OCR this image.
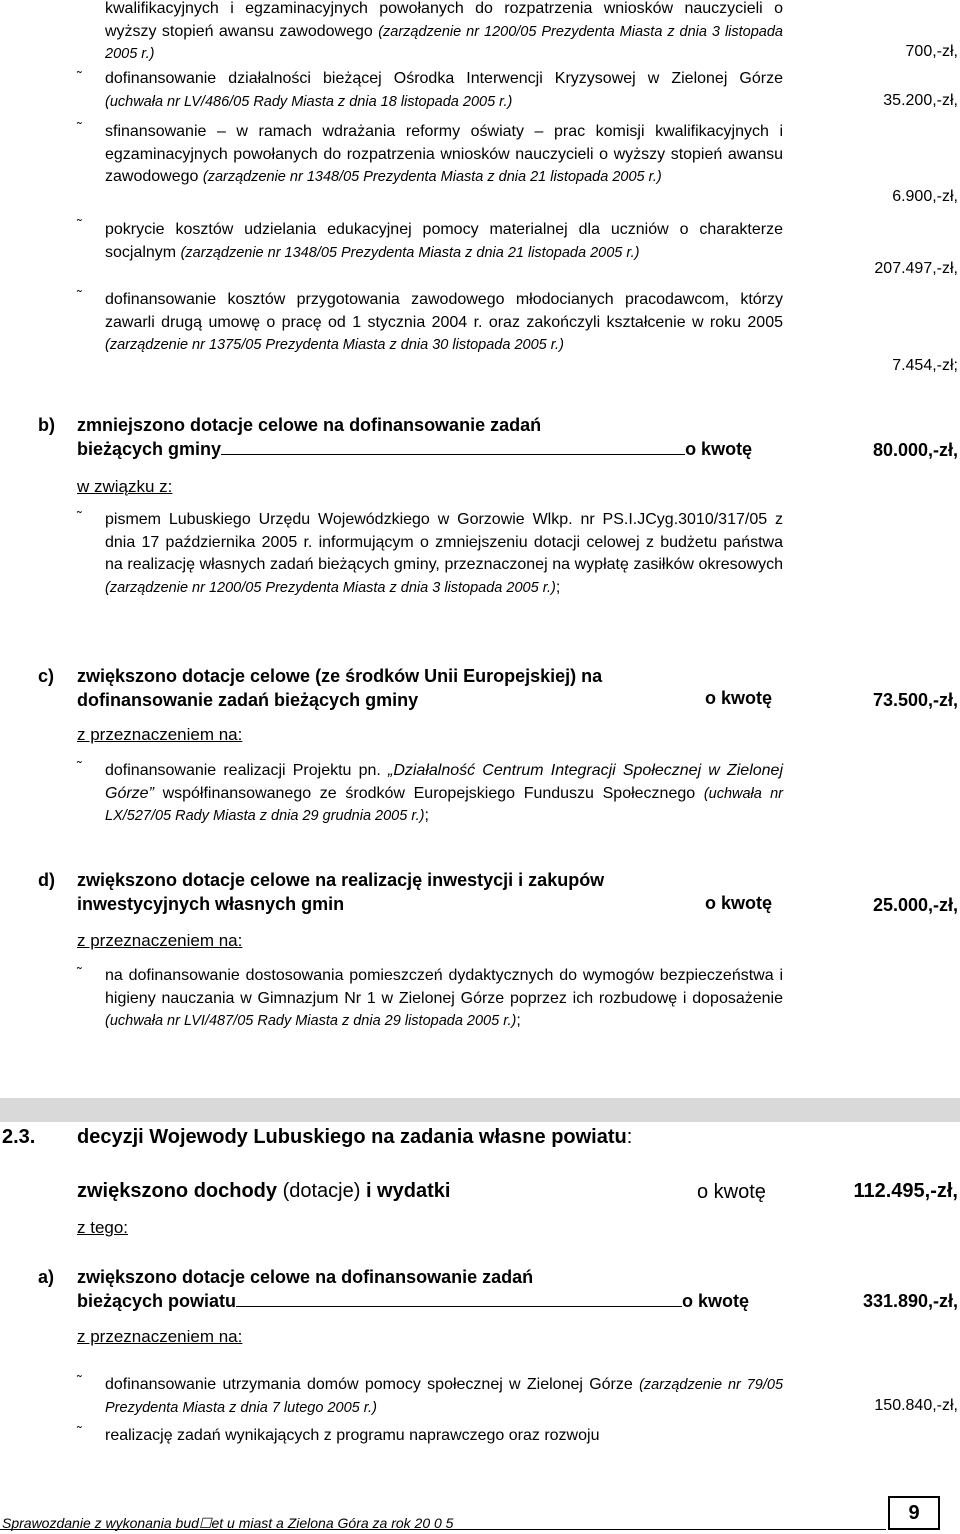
kwalifikacyjnych i egzaminacyjnych powołanych do rozpatrzenia wniosków nauczycieli o wyższy stopień awansu zawodowego (zarządzenie nr 1200/05 Prezydenta Miasta z dnia 3 listopada 2005 r.)	700,-zł,
˜ dofinansowanie działalności bieżącej Ośrodka Interwencji Kryzysowej w Zielonej Górze (uchwała nr LV/486/05 Rady Miasta z dnia 18 listopada 2005 r.)	35.200,-zł,
˜ sfinansowanie – w ramach wdrażania reformy oświaty – prac komisji kwalifikacyjnych i egzaminacyjnych powołanych do rozpatrzenia wniosków nauczycieli o wyższy stopień awansu zawodowego (zarządzenie nr 1348/05 Prezydenta Miasta z dnia 21 listopada 2005 r.)
6.900,-zł,
˜ pokrycie kosztów udzielania edukacyjnej pomocy materialnej dla uczniów o charakterze socjalnym (zarządzenie nr 1348/05 Prezydenta Miasta z dnia 21 listopada 2005 r.)
207.497,-zł,
˜ dofinansowanie kosztów przygotowania zawodowego młodocianych pracodawcom, którzy zawarli drugą umowę o pracę od 1 stycznia 2004 r. oraz zakończyli kształcenie w roku 2005 (zarządzenie nr 1375/05 Prezydenta Miasta z dnia 30 listopada 2005 r.)
7.454,-zł;
b) zmniejszono dotacje celowe na dofinansowanie zadań
bieżących gminy	o kwotę	80.000,-zł,
w związku z:
˜ pismem Lubuskiego Urzędu Wojewódzkiego w Gorzowie Wlkp. nr PS.I.JCyg.3010/317/05 z dnia 17 października 2005 r. informującym o zmniejszeniu dotacji celowej z budżetu państwa na realizację własnych zadań bieżących gminy, przeznaczonej na wypłatę zasiłków okresowych (zarządzenie nr 1200/05 Prezydenta Miasta z dnia 3 listopada 2005 r.);
c) zwiększono dotacje celowe (ze środków Unii Europejskiej) na
dofinansowanie zadań bieżących gminy	o kwotę	73.500,-zł,
z przeznaczeniem na:
˜ dofinansowanie realizacji Projektu pn. „Działalność Centrum Integracji Społecznej w Zielonej Górze” współfinansowanego ze środków Europejskiego Funduszu Społecznego (uchwała nr LX/527/05 Rady Miasta z dnia 29 grudnia 2005 r.);
d) zwiększono dotacje celowe na realizację inwestycji i zakupów
inwestycyjnych własnych gmin	o kwotę	25.000,-zł,
z przeznaczeniem na:
˜ na dofinansowanie dostosowania pomieszczeń dydaktycznych do wymogów bezpieczeństwa i higieny nauczania w Gimnazjum Nr 1 w Zielonej Górze poprzez ich rozbudowę i doposażenie (uchwała nr LVI/487/05 Rady Miasta z dnia 29 listopada 2005 r.);
2.3. decyzji Wojewody Lubuskiego na zadania własne powiatu:
zwiększono dochody (dotacje) i wydatki	o kwotę	112.495,-zł,
z tego:
a) zwiększono dotacje celowe na dofinansowanie zadań
bieżących powiatu	o kwotę	331.890,-zł,
z przeznaczeniem na:
˜ dofinansowanie utrzymania domów pomocy społecznej w Zielonej Górze (zarządzenie nr 79/05 Prezydenta Miasta z dnia 7 lutego 2005 r.)	150.840,-zł,
˜ realizację zadań wynikających z programu naprawczego oraz rozwoju
9
Sprawozdanie z wykonania bud☐et u miast a Zielona Góra za rok 20 0 5
